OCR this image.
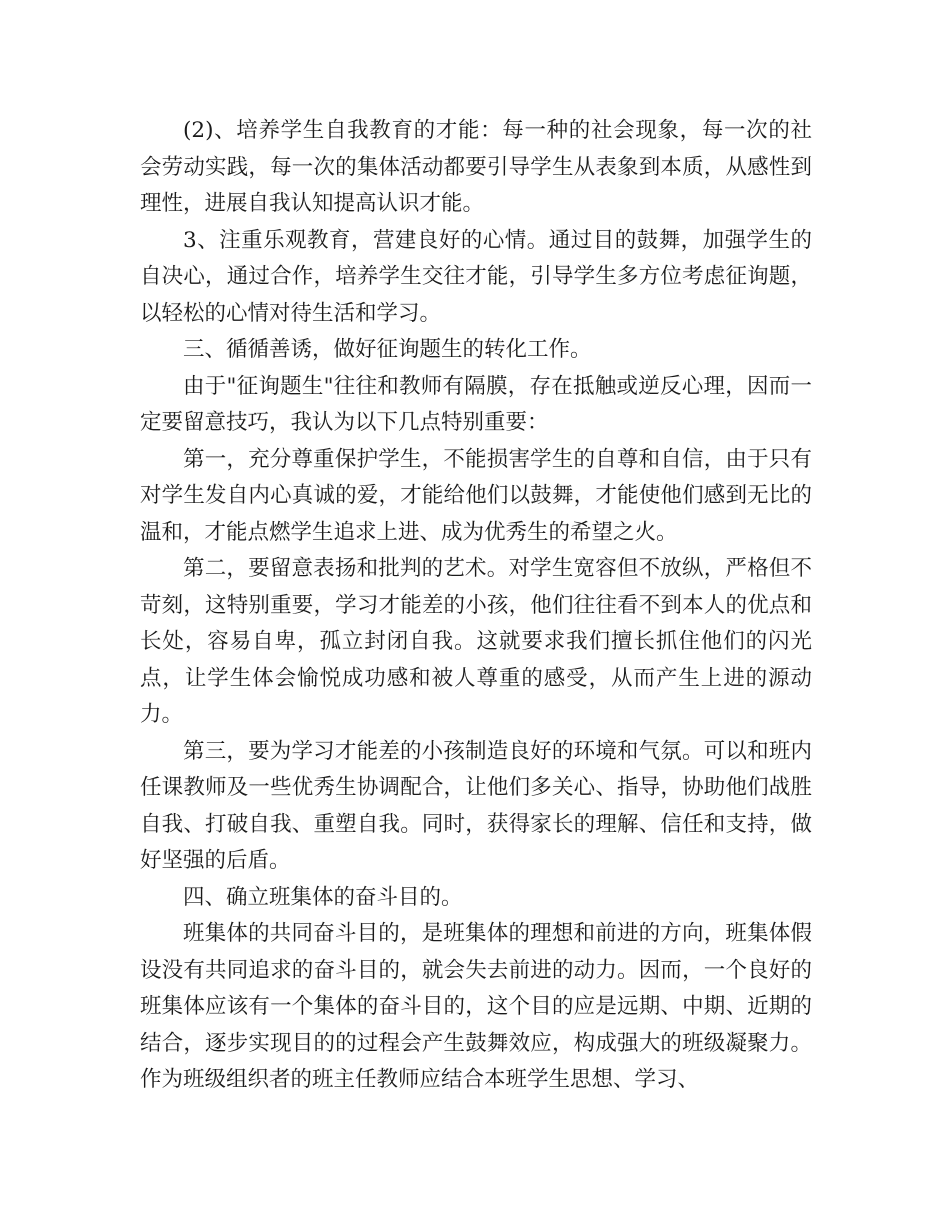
(2)、培养学生自我教育的才能：每一种的社会现象，每一次的社会劳动实践，每一次的集体活动都要引导学生从表象到本质，从感性到理性，进展自我认知提高认识才能。

3、注重乐观教育，营建良好的心情。通过目的鼓舞，加强学生的自决心，通过合作，培养学生交往才能，引导学生多方位考虑征询题，以轻松的心情对待生活和学习。

三、循循善诱，做好征询题生的转化工作。

由于"征询题生"往往和教师有隔膜，存在抵触或逆反心理，因而一定要留意技巧，我认为以下几点特别重要：

第一，充分尊重保护学生，不能损害学生的自尊和自信，由于只有对学生发自内心真诚的爱，才能给他们以鼓舞，才能使他们感到无比的温和，才能点燃学生追求上进、成为优秀生的希望之火。

第二，要留意表扬和批判的艺术。对学生宽容但不放纵，严格但不苛刻，这特别重要，学习才能差的小孩，他们往往看不到本人的优点和长处，容易自卑，孤立封闭自我。这就要求我们擅长抓住他们的闪光点，让学生体会愉悦成功感和被人尊重的感受，从而产生上进的源动力。

第三，要为学习才能差的小孩制造良好的环境和气氛。可以和班内任课教师及一些优秀生协调配合，让他们多关心、指导，协助他们战胜自我、打破自我、重塑自我。同时，获得家长的理解、信任和支持，做好坚强的后盾。

四、确立班集体的奋斗目的。

班集体的共同奋斗目的，是班集体的理想和前进的方向，班集体假设没有共同追求的奋斗目的，就会失去前进的动力。因而，一个良好的班集体应该有一个集体的奋斗目的，这个目的应是远期、中期、近期的结合，逐步实现目的的过程会产生鼓舞效应，构成强大的班级凝聚力。作为班级组织者的班主任教师应结合本班学生思想、学习、
